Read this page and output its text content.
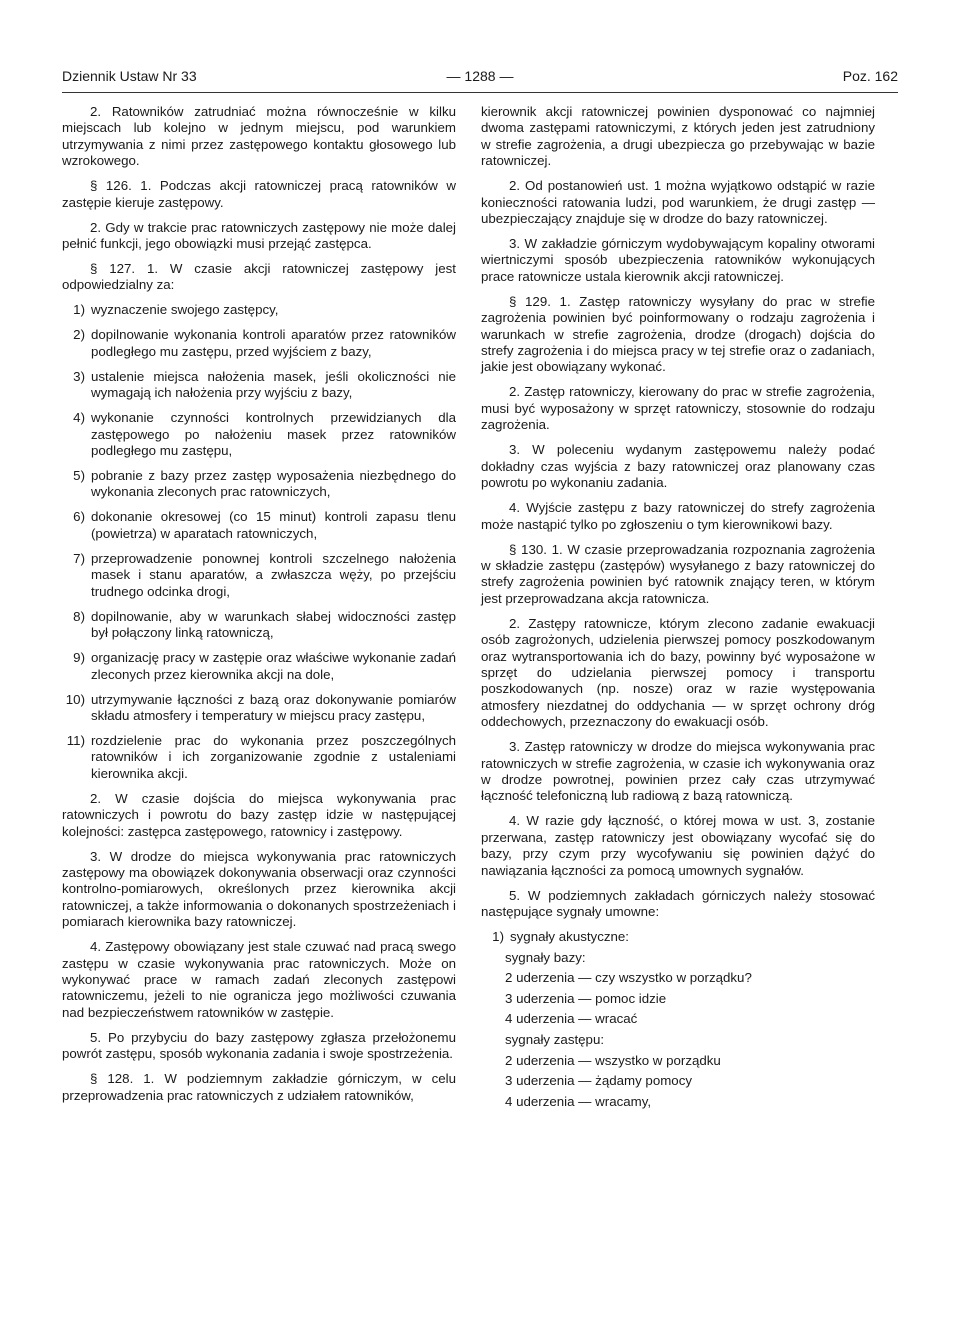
Dziennik Ustaw Nr 33	— 1288 —	Poz. 162

2. Ratowników zatrudniać można równocześnie w kilku miejscach lub kolejno w jednym miejscu, pod warunkiem utrzymywania z nimi przez zastępowego kontaktu głosowego lub wzrokowego.

§ 126. 1. Podczas akcji ratowniczej pracą ratowników w zastępie kieruje zastępowy.

2. Gdy w trakcie prac ratowniczych zastępowy nie może dalej pełnić funkcji, jego obowiązki musi przejąć zastępca.

§ 127. 1. W czasie akcji ratowniczej zastępowy jest odpowiedzialny za:

1) wyznaczenie swojego zastępcy,
2) dopilnowanie wykonania kontroli aparatów przez ratowników podległego mu zastępu, przed wyjściem z bazy,
3) ustalenie miejsca nałożenia masek, jeśli okoliczności nie wymagają ich nałożenia przy wyjściu z bazy,
4) wykonanie czynności kontrolnych przewidzianych dla zastępowego po nałożeniu masek przez ratowników podległego mu zastępu,
5) pobranie z bazy przez zastęp wyposażenia niezbędnego do wykonania zleconych prac ratowniczych,
6) dokonanie okresowej (co 15 minut) kontroli zapasu tlenu (powietrza) w aparatach ratowniczych,
7) przeprowadzenie ponownej kontroli szczelnego nałożenia masek i stanu aparatów, a zwłaszcza węży, po przejściu trudnego odcinka drogi,
8) dopilnowanie, aby w warunkach słabej widoczności zastęp był połączony linką ratowniczą,
9) organizację pracy w zastępie oraz właściwe wykonanie zadań zleconych przez kierownika akcji na dole,
10) utrzymywanie łączności z bazą oraz dokonywanie pomiarów składu atmosfery i temperatury w miejscu pracy zastępu,
11) rozdzielenie prac do wykonania przez poszczególnych ratowników i ich zorganizowanie zgodnie z ustaleniami kierownika akcji.

2. W czasie dojścia do miejsca wykonywania prac ratowniczych i powrotu do bazy zastęp idzie w następującej kolejności: zastępca zastępowego, ratownicy i zastępowy.

3. W drodze do miejsca wykonywania prac ratowniczych zastępowy ma obowiązek dokonywania obserwacji oraz czynności kontrolno-pomiarowych, określonych przez kierownika akcji ratowniczej, a także informowania o dokonanych spostrzeżeniach i pomiarach kierownika bazy ratowniczej.

4. Zastępowy obowiązany jest stale czuwać nad pracą swego zastępu w czasie wykonywania prac ratowniczych. Może on wykonywać prace w ramach zadań zleconych zastępowi ratowniczemu, jeżeli to nie ogranicza jego możliwości czuwania nad bezpieczeństwem ratowników w zastępie.

5. Po przybyciu do bazy zastępowy zgłasza przełożonemu powrót zastępu, sposób wykonania zadania i swoje spostrzeżenia.

§ 128. 1. W podziemnym zakładzie górniczym, w celu przeprowadzenia prac ratowniczych z udziałem ratowników,

kierownik akcji ratowniczej powinien dysponować co najmniej dwoma zastępami ratowniczymi, z których jeden jest zatrudniony w strefie zagrożenia, a drugi ubezpiecza go przebywając w bazie ratowniczej.

2. Od postanowień ust. 1 można wyjątkowo odstąpić w razie konieczności ratowania ludzi, pod warunkiem, że drugi zastęp — ubezpieczający znajduje się w drodze do bazy ratowniczej.

3. W zakładzie górniczym wydobywającym kopaliny otworami wiertniczymi sposób ubezpieczenia ratowników wykonujących prace ratownicze ustala kierownik akcji ratowniczej.

§ 129. 1. Zastęp ratowniczy wysyłany do prac w strefie zagrożenia powinien być poinformowany o rodzaju zagrożenia i warunkach w strefie zagrożenia, drodze (drogach) dojścia do strefy zagrożenia i do miejsca pracy w tej strefie oraz o zadaniach, jakie jest obowiązany wykonać.

2. Zastęp ratowniczy, kierowany do prac w strefie zagrożenia, musi być wyposażony w sprzęt ratowniczy, stosownie do rodzaju zagrożenia.

3. W poleceniu wydanym zastępowemu należy podać dokładny czas wyjścia z bazy ratowniczej oraz planowany czas powrotu po wykonaniu zadania.

4. Wyjście zastępu z bazy ratowniczej do strefy zagrożenia może nastąpić tylko po zgłoszeniu o tym kierownikowi bazy.

§ 130. 1. W czasie przeprowadzania rozpoznania zagrożenia w składzie zastępu (zastępów) wysyłanego z bazy ratowniczej do strefy zagrożenia powinien być ratownik znający teren, w którym jest przeprowadzana akcja ratownicza.

2. Zastępy ratownicze, którym zlecono zadanie ewakuacji osób zagrożonych, udzielenia pierwszej pomocy poszkodowanym oraz wytransportowania ich do bazy, powinny być wyposażone w sprzęt do udzielania pierwszej pomocy i transportu poszkodowanych (np. nosze) oraz w razie występowania atmosfery niezdatnej do oddychania — w sprzęt ochrony dróg oddechowych, przeznaczony do ewakuacji osób.

3. Zastęp ratowniczy w drodze do miejsca wykonywania prac ratowniczych w strefie zagrożenia, w czasie ich wykonywania oraz w drodze powrotnej, powinien przez cały czas utrzymywać łączność telefoniczną lub radiową z bazą ratowniczą.

4. W razie gdy łączność, o której mowa w ust. 3, zostanie przerwana, zastęp ratowniczy jest obowiązany wycofać się do bazy, przy czym przy wycofywaniu się powinien dążyć do nawiązania łączności za pomocą umownych sygnałów.

5. W podziemnych zakładach górniczych należy stosować następujące sygnały umowne:

1) sygnały akustyczne:
sygnały bazy:
2 uderzenia — czy wszystko w porządku?
3 uderzenia — pomoc idzie
4 uderzenia — wracać
sygnały zastępu:
2 uderzenia — wszystko w porządku
3 uderzenia — żądamy pomocy
4 uderzenia — wracamy,
